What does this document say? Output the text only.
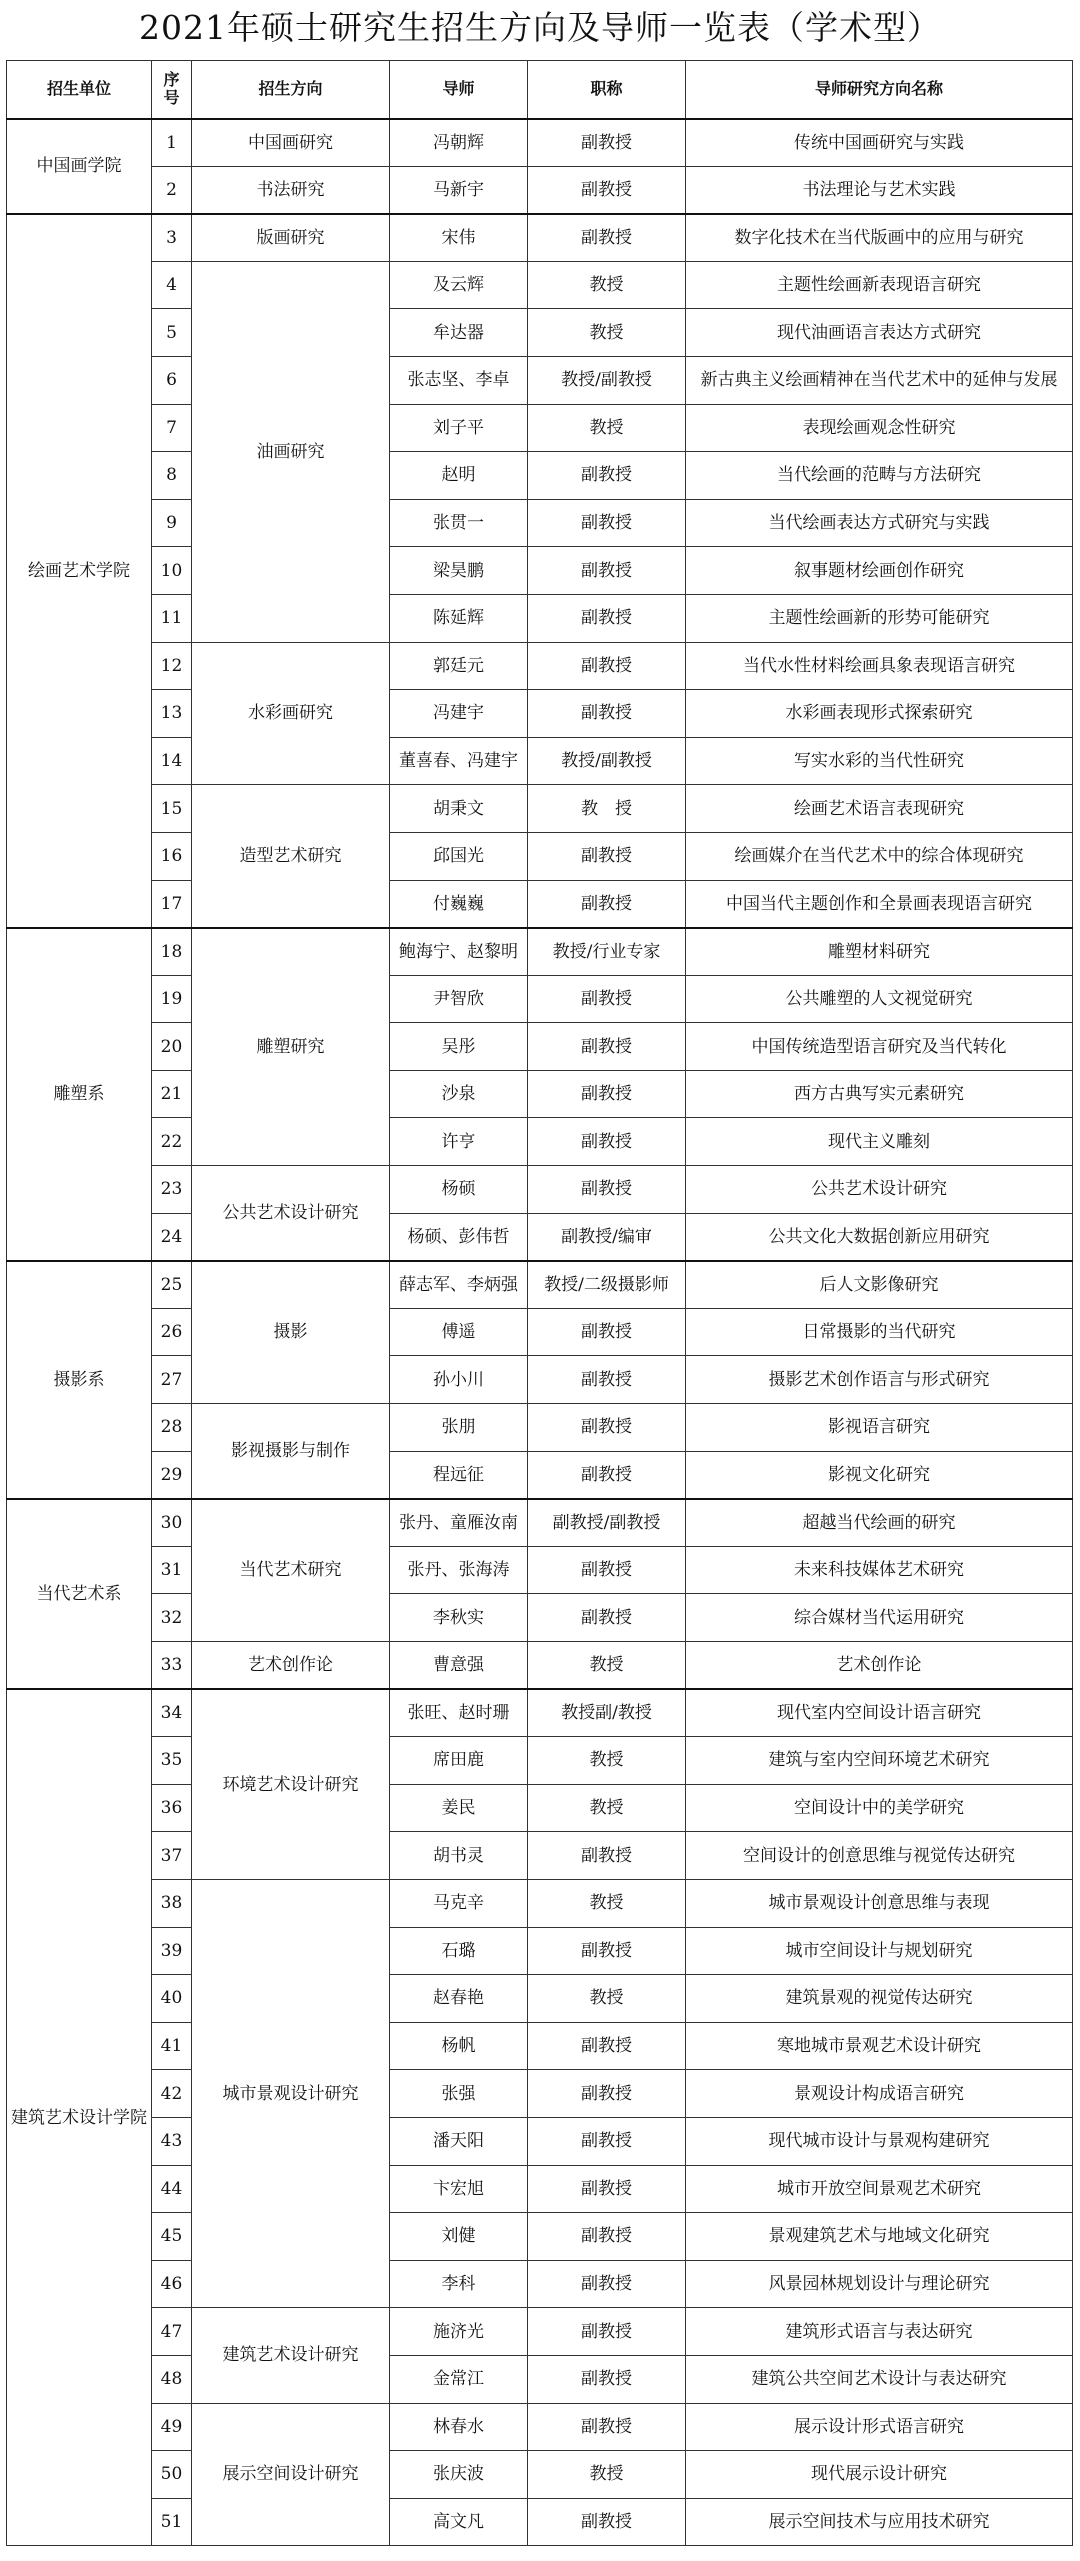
2021年硕士研究生招生方向及导师一览表（学术型）
招生单位	序号	招生方向	导师	职称	导师研究方向名称
中国画学院	1	中国画研究	冯朝辉	副教授	传统中国画研究与实践
	2	书法研究	马新宇	副教授	书法理论与艺术实践
绘画艺术学院	3	版画研究	宋伟	副教授	数字化技术在当代版画中的应用与研究
	4	油画研究	及云辉	教授	主题性绘画新表现语言研究
	5		牟达器	教授	现代油画语言表达方式研究
	6		张志坚、李卓	教授/副教授	新古典主义绘画精神在当代艺术中的延伸与发展
	7		刘子平	教授	表现绘画观念性研究
	8		赵明	副教授	当代绘画的范畴与方法研究
	9		张贯一	副教授	当代绘画表达方式研究与实践
	10		梁昊鹏	副教授	叙事题材绘画创作研究
	11		陈延辉	副教授	主题性绘画新的形势可能研究
	12	水彩画研究	郭廷元	副教授	当代水性材料绘画具象表现语言研究
	13		冯建宇	副教授	水彩画表现形式探索研究
	14		董喜春、冯建宇	教授/副教授	写实水彩的当代性研究
	15	造型艺术研究	胡秉文	教　授	绘画艺术语言表现研究
	16		邱国光	副教授	绘画媒介在当代艺术中的综合体现研究
	17		付巍巍	副教授	中国当代主题创作和全景画表现语言研究
雕塑系	18	雕塑研究	鲍海宁、赵黎明	教授/行业专家	雕塑材料研究
	19		尹智欣	副教授	公共雕塑的人文视觉研究
	20		吴彤	副教授	中国传统造型语言研究及当代转化
	21		沙泉	副教授	西方古典写实元素研究
	22		许亨	副教授	现代主义雕刻
	23	公共艺术设计研究	杨硕	副教授	公共艺术设计研究
	24		杨硕、彭伟哲	副教授/编审	公共文化大数据创新应用研究
摄影系	25	摄影	薛志军、李炳强	教授/二级摄影师	后人文影像研究
	26		傅遥	副教授	日常摄影的当代研究
	27		孙小川	副教授	摄影艺术创作语言与形式研究
	28	影视摄影与制作	张朋	副教授	影视语言研究
	29		程远征	副教授	影视文化研究
当代艺术系	30	当代艺术研究	张丹、童雁汝南	副教授/副教授	超越当代绘画的研究
	31		张丹、张海涛	副教授	未来科技媒体艺术研究
	32		李秋实	副教授	综合媒材当代运用研究
	33	艺术创作论	曹意强	教授	艺术创作论
建筑艺术设计学院	34	环境艺术设计研究	张旺、赵时珊	教授副/教授	现代室内空间设计语言研究
	35		席田鹿	教授	建筑与室内空间环境艺术研究
	36		姜民	教授	空间设计中的美学研究
	37		胡书灵	副教授	空间设计的创意思维与视觉传达研究
	38	城市景观设计研究	马克辛	教授	城市景观设计创意思维与表现
	39		石璐	副教授	城市空间设计与规划研究
	40		赵春艳	教授	建筑景观的视觉传达研究
	41		杨帆	副教授	寒地城市景观艺术设计研究
	42		张强	副教授	景观设计构成语言研究
	43		潘天阳	副教授	现代城市设计与景观构建研究
	44		卞宏旭	副教授	城市开放空间景观艺术研究
	45		刘健	副教授	景观建筑艺术与地域文化研究
	46		李科	副教授	风景园林规划设计与理论研究
	47	建筑艺术设计研究	施济光	副教授	建筑形式语言与表达研究
	48		金常江	副教授	建筑公共空间艺术设计与表达研究
	49	展示空间设计研究	林春水	副教授	展示设计形式语言研究
	50		张庆波	教授	现代展示设计研究
	51		高文凡	副教授	展示空间技术与应用技术研究
